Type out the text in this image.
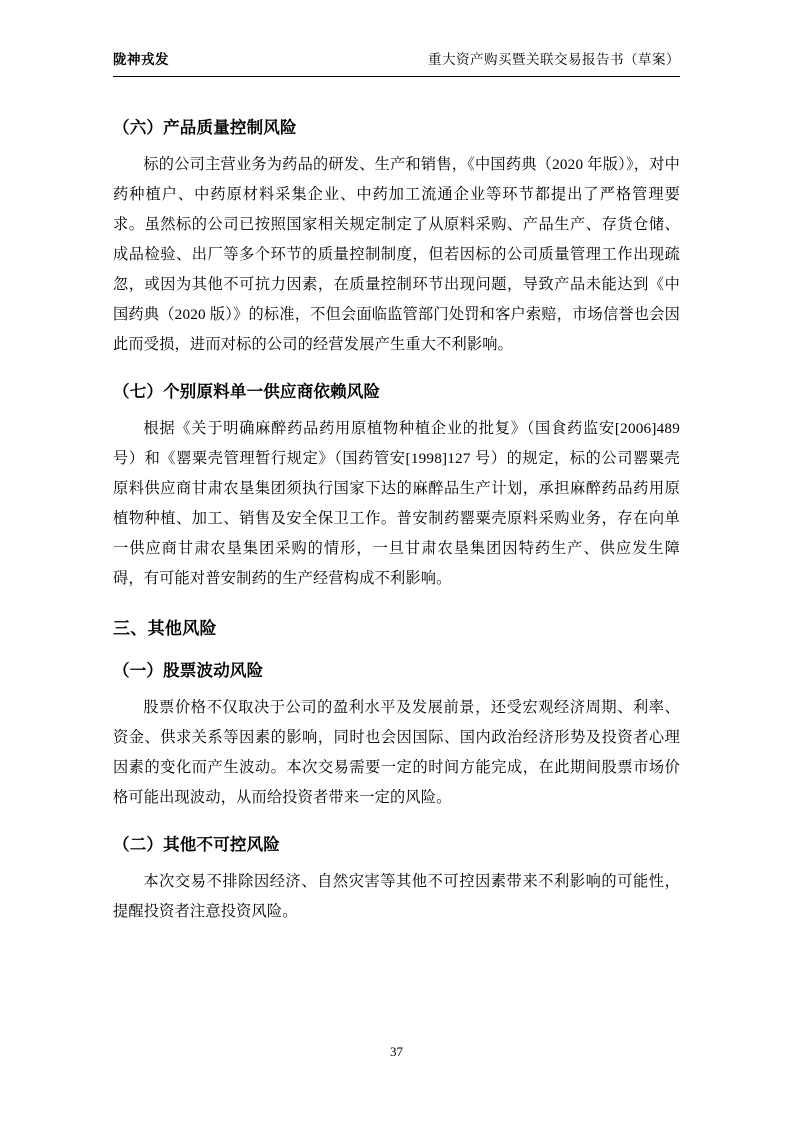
陇神戎发	重大资产购买暨关联交易报告书（草案）
（六）产品质量控制风险

标的公司主营业务为药品的研发、生产和销售，《中国药典（2020 年版）》，对中药种植户、中药原材料采集企业、中药加工流通企业等环节都提出了严格管理要求。虽然标的公司已按照国家相关规定制定了从原料采购、产品生产、存货仓储、成品检验、出厂等多个环节的质量控制制度，但若因标的公司质量管理工作出现疏忽，或因为其他不可抗力因素，在质量控制环节出现问题，导致产品未能达到《中国药典（2020 版）》的标准，不但会面临监管部门处罚和客户索赔，市场信誉也会因此而受损，进而对标的公司的经营发展产生重大不利影响。

（七）个别原料单一供应商依赖风险

根据《关于明确麻醉药品药用原植物种植企业的批复》（国食药监安[2006]489 号）和《罂粟壳管理暂行规定》（国药管安[1998]127 号）的规定，标的公司罂粟壳原料供应商甘肃农垦集团须执行国家下达的麻醉品生产计划，承担麻醉药品药用原植物种植、加工、销售及安全保卫工作。普安制药罂粟壳原料采购业务，存在向单一供应商甘肃农垦集团采购的情形，一旦甘肃农垦集团因特药生产、供应发生障碍，有可能对普安制药的生产经营构成不利影响。

三、其他风险
（一）股票波动风险

股票价格不仅取决于公司的盈利水平及发展前景，还受宏观经济周期、利率、资金、供求关系等因素的影响，同时也会因国际、国内政治经济形势及投资者心理因素的变化而产生波动。本次交易需要一定的时间方能完成，在此期间股票市场价格可能出现波动，从而给投资者带来一定的风险。

（二）其他不可控风险

本次交易不排除因经济、自然灾害等其他不可控因素带来不利影响的可能性，提醒投资者注意投资风险。

37
